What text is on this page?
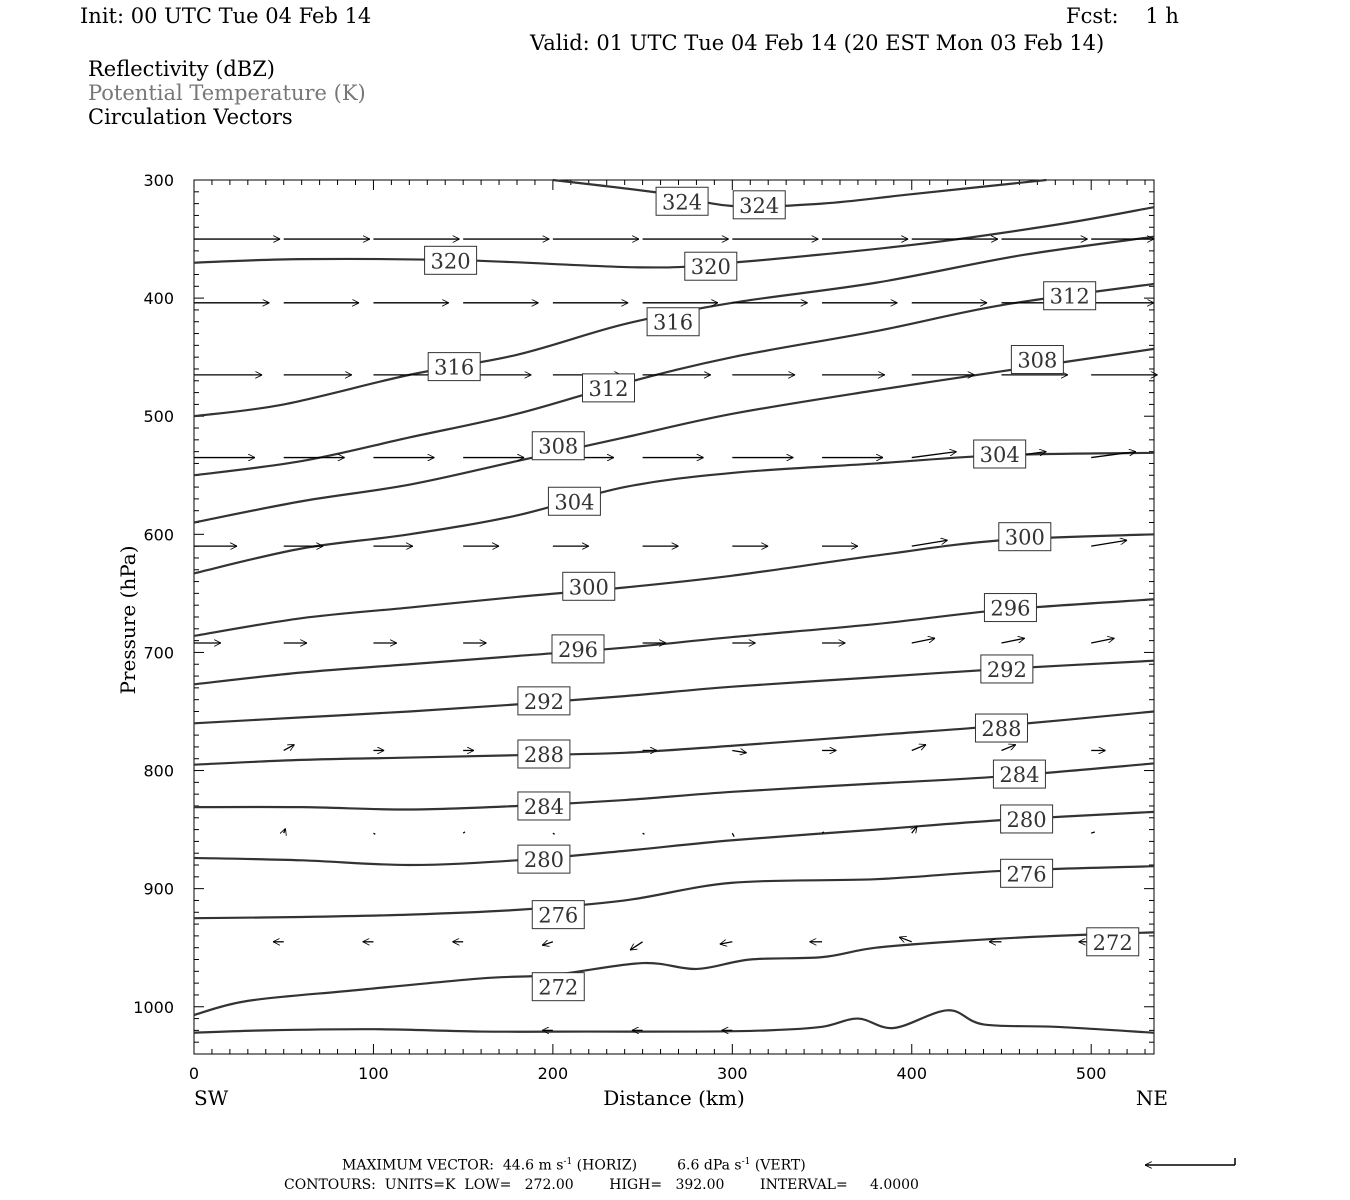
Init: 00 UTC Tue 04 Feb 14	Fcst:    1 h
Valid: 01 UTC Tue 04 Feb 14 (20 EST Mon 03 Feb 14)
Reflectivity (dBZ)
Potential Temperature (K)
Circulation Vectors
324 324
320	320
316
316
312
312
308
308
304
304
300
300
296
296
292
292
288
288
284
284
280
280
276
276
272
272
0	100	200	300	400	500
300
400
500
600
700
800
900
1000
Pressure (hPa)
Distance (km)
SW	NE
MAXIMUM VECTOR:  44.6 m $s^{-1}$ (HORIZ)	6.6 dPa $s^{-1}$ (VERT)
CONTOURS:  UNITS=K  LOW=   272.00        HIGH=   392.00        INTERVAL=     4.0000
